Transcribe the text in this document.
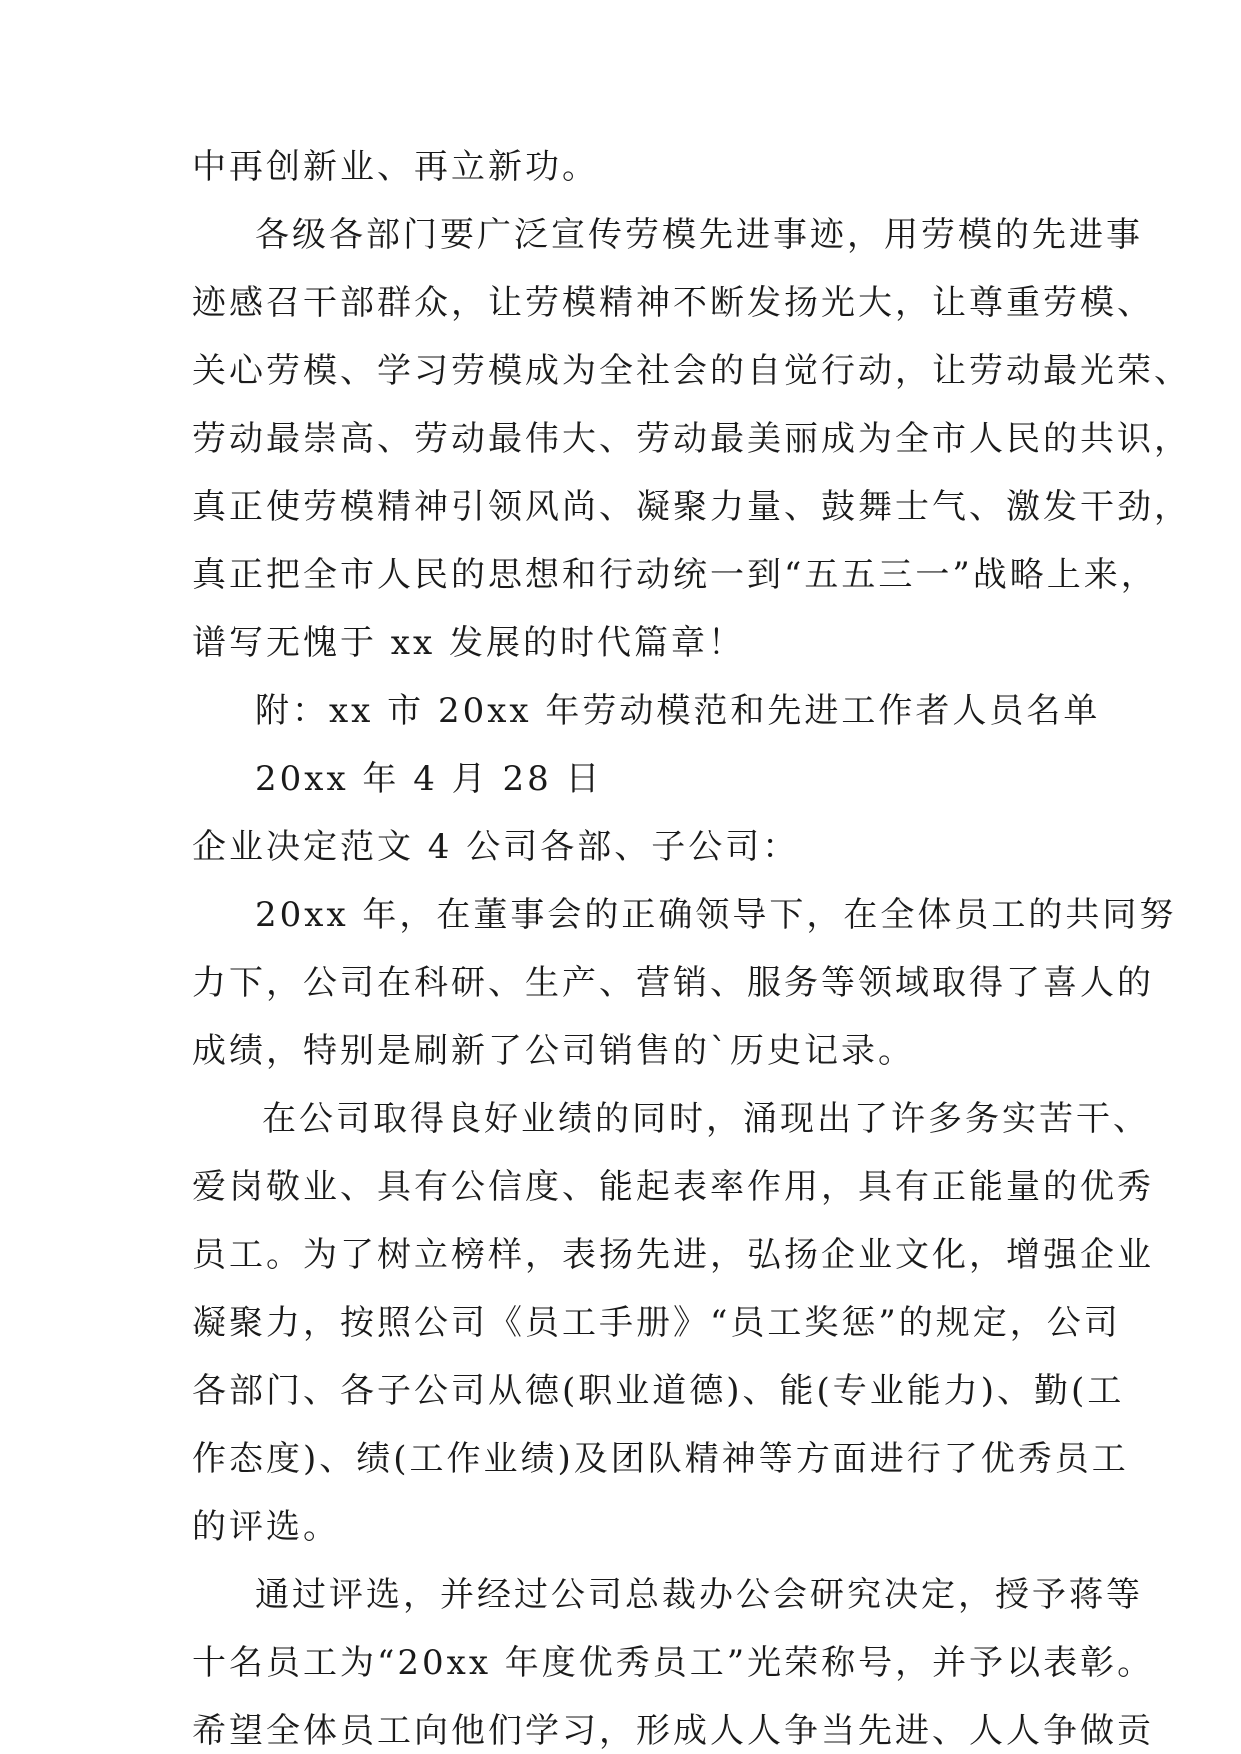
中再创新业、再立新功。
各级各部门要广泛宣传劳模先进事迹，用劳模的先进事
迹感召干部群众，让劳模精神不断发扬光大，让尊重劳模、
关心劳模、学习劳模成为全社会的自觉行动，让劳动最光荣、
劳动最崇高、劳动最伟大、劳动最美丽成为全市人民的共识，
真正使劳模精神引领风尚、凝聚力量、鼓舞士气、激发干劲，
真正把全市人民的思想和行动统一到“五五三一”战略上来，
谱写无愧于 xx 发展的时代篇章！
附：xx 市 20xx 年劳动模范和先进工作者人员名单
20xx 年 4 月 28 日
企业决定范文 4 公司各部、子公司：
20xx 年，在董事会的正确领导下，在全体员工的共同努
力下，公司在科研、生产、营销、服务等领域取得了喜人的
成绩，特别是刷新了公司销售的`历史记录。
在公司取得良好业绩的同时，涌现出了许多务实苦干、
爱岗敬业、具有公信度、能起表率作用，具有正能量的优秀
员工。为了树立榜样，表扬先进，弘扬企业文化，增强企业
凝聚力，按照公司《员工手册》“员工奖惩”的规定，公司
各部门、各子公司从德(职业道德)、能(专业能力)、勤(工
作态度)、绩(工作业绩)及团队精神等方面进行了优秀员工
的评选。
通过评选，并经过公司总裁办公会研究决定，授予蒋等
十名员工为“20xx 年度优秀员工”光荣称号，并予以表彰。
希望全体员工向他们学习，形成人人争当先进、人人争做贡
